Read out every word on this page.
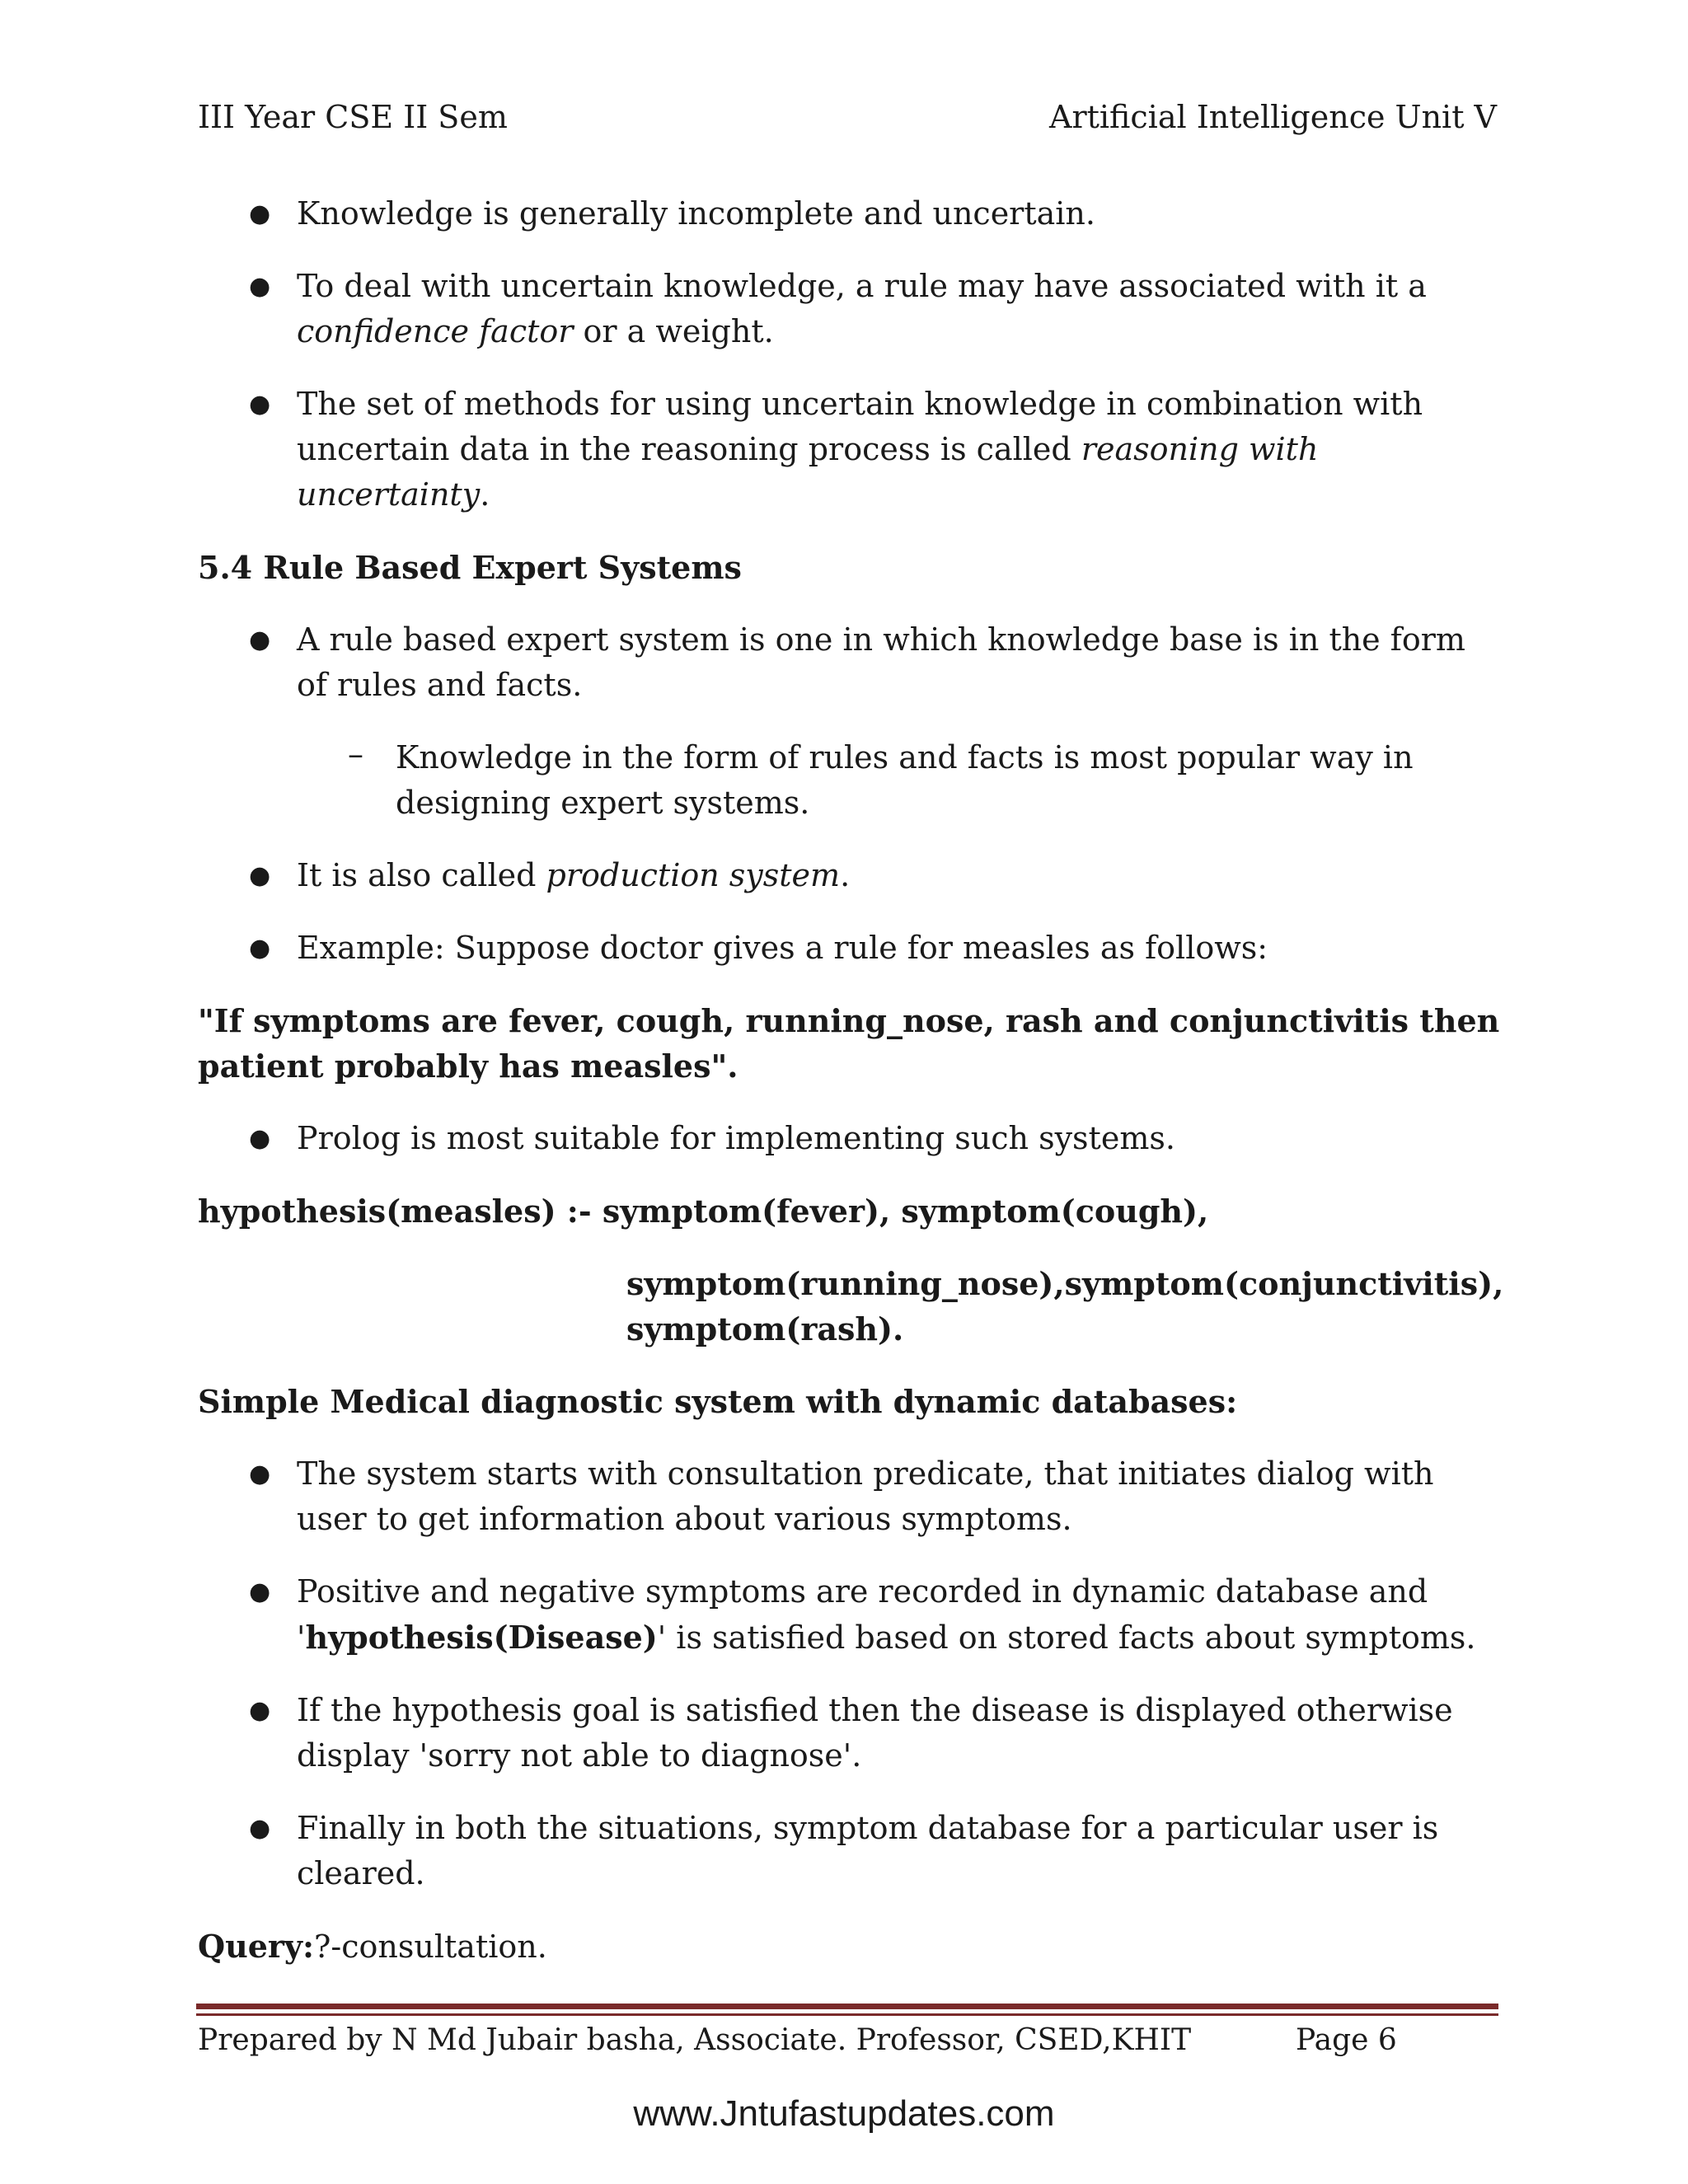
III Year CSE II Sem	Artificial Intelligence Unit V
● Knowledge is generally incomplete and uncertain.
● To deal with uncertain knowledge, a rule may have associated with it a confidence factor or a weight.
● The set of methods for using uncertain knowledge in combination with uncertain data in the reasoning process is called reasoning with uncertainty.
5.4 Rule Based Expert Systems
● A rule based expert system is one in which knowledge base is in the form of rules and facts.
– Knowledge in the form of rules and facts is most popular way in designing expert systems.
● It is also called production system.
● Example: Suppose doctor gives a rule for measles as follows:
"If symptoms are fever, cough, running_nose, rash and conjunctivitis then patient probably has measles".
● Prolog is most suitable for implementing such systems.
hypothesis(measles) :- symptom(fever), symptom(cough),
symptom(running_nose),symptom(conjunctivitis), symptom(rash).
Simple Medical diagnostic system with dynamic databases:
● The system starts with consultation predicate, that initiates dialog with user to get information about various symptoms.
● Positive and negative symptoms are recorded in dynamic database and 'hypothesis(Disease)' is satisfied based on stored facts about symptoms.
● If the hypothesis goal is satisfied then the disease is displayed otherwise display 'sorry not able to diagnose'.
● Finally in both the situations, symptom database for a particular user is cleared.
Query:?-consultation.
Prepared by N Md Jubair basha, Associate. Professor, CSED,KHIT	Page 6
www.Jntufastupdates.com
